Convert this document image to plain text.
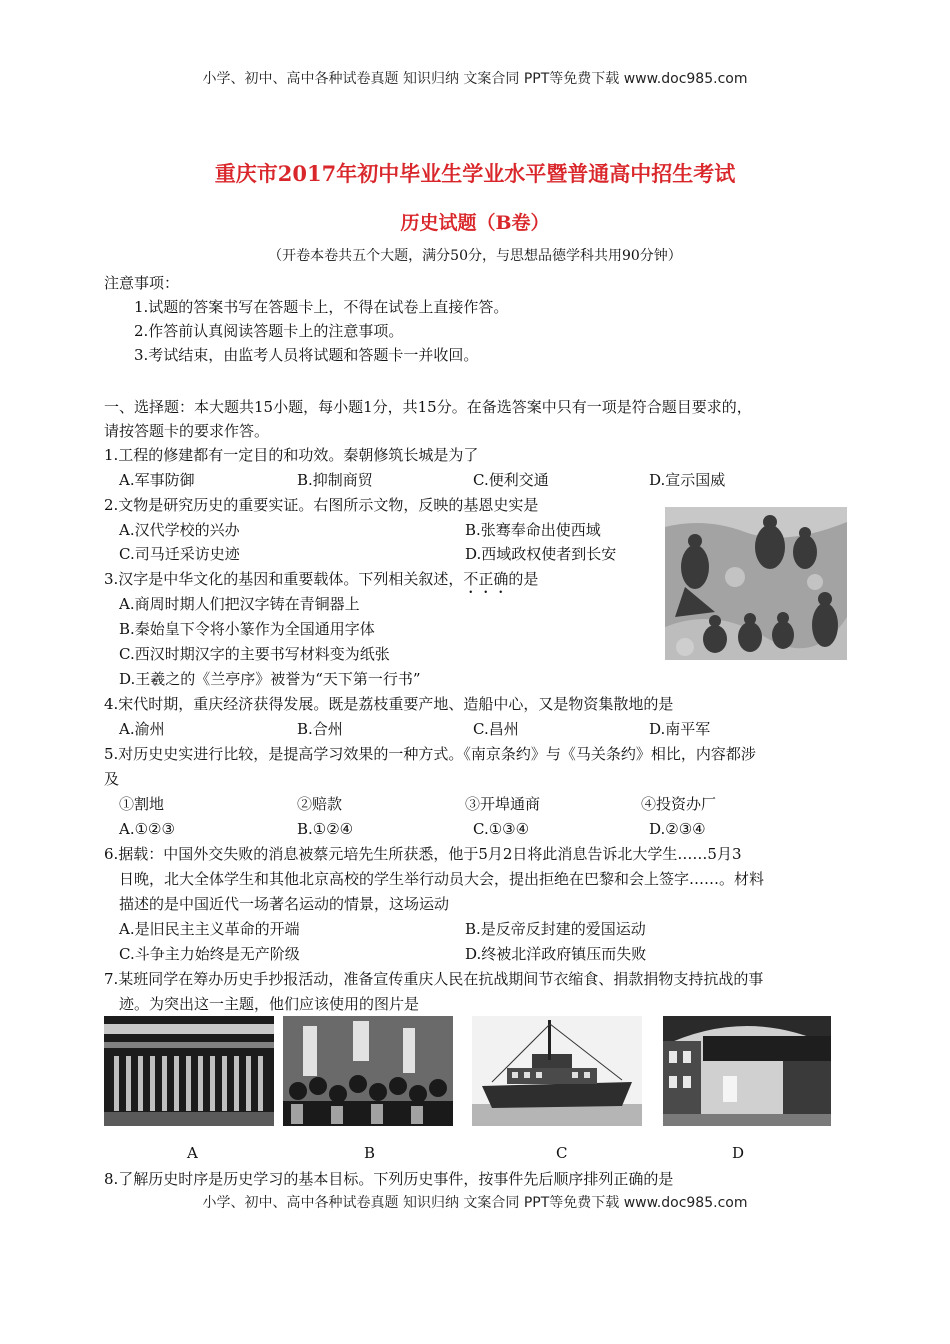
小学、初中、高中各种试卷真题 知识归纳 文案合同 PPT等免费下载 www.doc985.com
重庆市2017年初中毕业生学业水平暨普通高中招生考试
历史试题（B卷）
（开卷本卷共五个大题，满分50分，与思想品德学科共用90分钟）
注意事项：
1.试题的答案书写在答题卡上，不得在试卷上直接作答。
2.作答前认真阅读答题卡上的注意事项。
3.考试结束，由监考人员将试题和答题卡一并收回。
一、选择题：本大题共15小题，每小题1分，共15分。在备选答案中只有一项是符合题目要求的，
请按答题卡的要求作答。
1.工程的修建都有一定目的和功效。秦朝修筑长城是为了
A.军事防御	B.抑制商贸	C.便利交通	D.宣示国威
2.文物是研究历史的重要实证。右图所示文物，反映的基恩史实是
A.汉代学校的兴办	B.张骞奉命出使西域
C.司马迁采访史迹	D.西域政权使者到长安
3.汉字是中华文化的基因和重要载体。下列相关叙述，不正确的是
A.商周时期人们把汉字铸在青铜器上
B.秦始皇下令将小篆作为全国通用字体
C.西汉时期汉字的主要书写材料变为纸张
D.王羲之的《兰亭序》被誉为“天下第一行书”
4.宋代时期，重庆经济获得发展。既是荔枝重要产地、造船中心，又是物资集散地的是
A.渝州	B.合州	C.昌州	D.南平军
5.对历史史实进行比较，是提高学习效果的一种方式。《南京条约》与《马关条约》相比，内容都涉
及
①割地	②赔款	③开埠通商	④投资办厂
A.①②③	B.①②④	C.①③④	D.②③④
6.据载：中国外交失败的消息被蔡元培先生所获悉，他于5月2日将此消息告诉北大学生……5月3
日晚，北大全体学生和其他北京高校的学生举行动员大会，提出拒绝在巴黎和会上签字……。材料
描述的是中国近代一场著名运动的情景，这场运动
A.是旧民主主义革命的开端	B.是反帝反封建的爱国运动
C.斗争主力始终是无产阶级	D.终被北洋政府镇压而失败
7.某班同学在筹办历史手抄报活动，准备宣传重庆人民在抗战期间节衣缩食、捐款捐物支持抗战的事
迹。为突出这一主题，他们应该使用的图片是
A	B	C	D
8.了解历史时序是历史学习的基本目标。下列历史事件，按事件先后顺序排列正确的是
小学、初中、高中各种试卷真题 知识归纳 文案合同 PPT等免费下载 www.doc985.com
